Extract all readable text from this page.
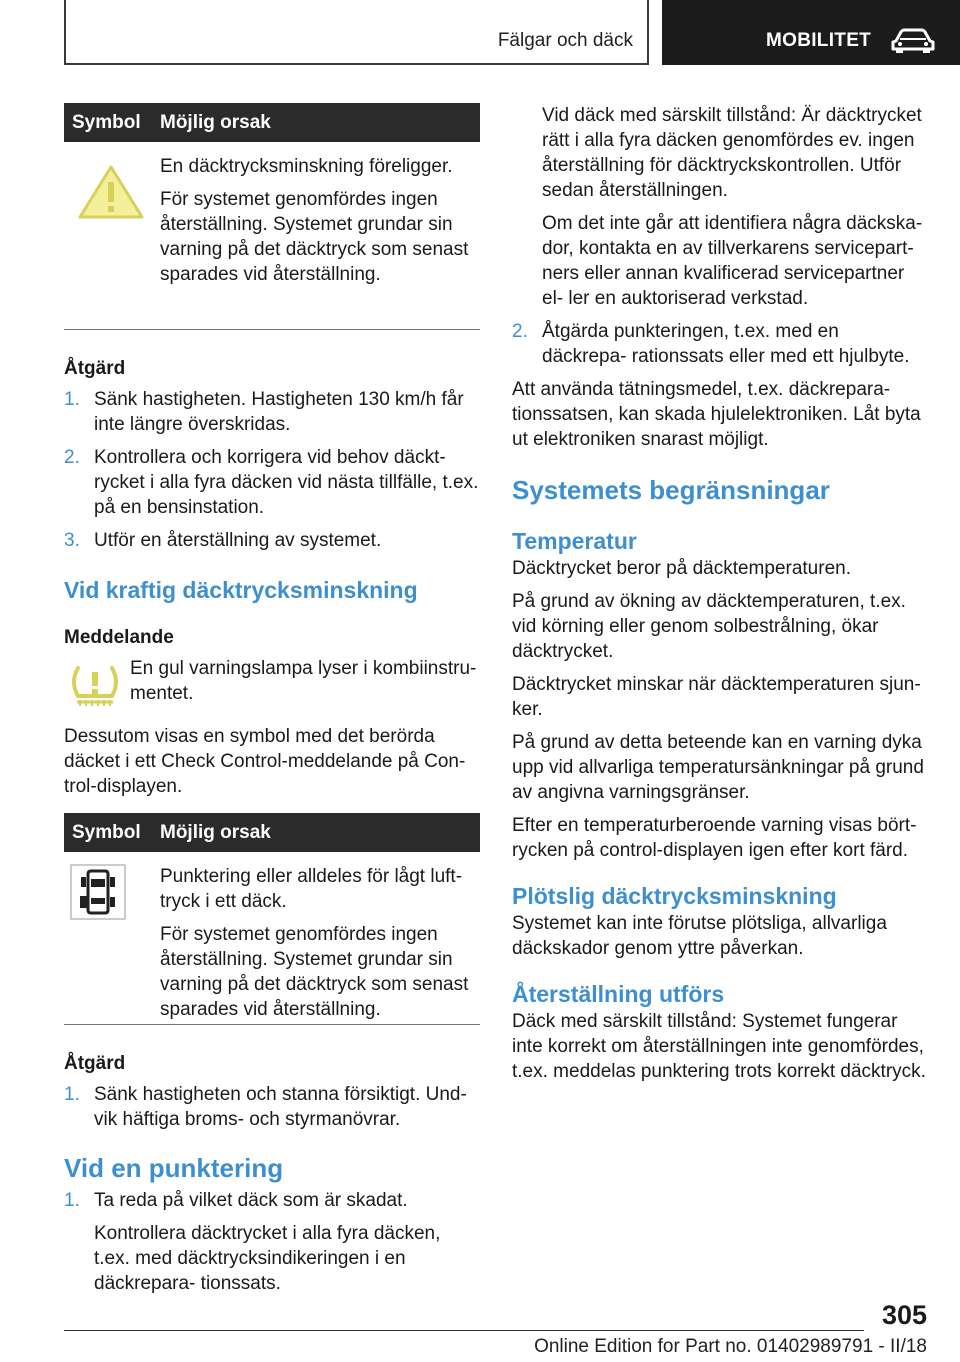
Fälgar och däck	MOBILITET
Symbol Möjlig orsak

En däcktrycksminskning föreligger.

För systemet genomfördes ingen återställning. Systemet grundar sin varning på det däcktryck som senast sparades vid återställning.

Åtgärd

1. Sänk hastigheten. Hastigheten 130 km/h får inte längre överskridas.
2. Kontrollera och korrigera vid behov däckt‐ rycket i alla fyra däcken vid nästa tillfälle, t.ex. på en bensinstation.
3. Utför en återställning av systemet.

Vid kraftig däcktrycksminskning

Meddelande

En gul varningslampa lyser i kombiinstru‐ mentet.

Dessutom visas en symbol med det berörda däcket i ett Check Control-meddelande på Con‐ trol-displayen.

Symbol Möjlig orsak

Punktering eller alldeles för lågt luft‐ tryck i ett däck.

För systemet genomfördes ingen återställning. Systemet grundar sin varning på det däcktryck som senast sparades vid återställning.

Åtgärd

1. Sänk hastigheten och stanna försiktigt. Und‐ vik häftiga broms- och styrmanövrar.

Vid en punktering

1. Ta reda på vilket däck som är skadat.
Kontrollera däcktrycket i alla fyra däcken, t.ex. med däcktrycksindikeringen i en däckrepara‐ tionssats.
Vid däck med särskilt tillstånd: Är däcktrycket rätt i alla fyra däcken genomfördes ev. ingen återställning för däcktryckskontrollen. Utför sedan återställningen.
Om det inte går att identifiera några däckska‐ dor, kontakta en av tillverkarens servicepart‐ ners eller annan kvalificerad servicepartner el‐ ler en auktoriserad verkstad.
2. Åtgärda punkteringen, t.ex. med en däckrepa‐ rationssats eller med ett hjulbyte.

Att använda tätningsmedel, t.ex. däckrepara‐ tionssatsen, kan skada hjulelektroniken. Låt byta ut elektroniken snarast möjligt.

Systemets begränsningar

Temperatur

Däcktrycket beror på däcktemperaturen.

På grund av ökning av däcktemperaturen, t.ex. vid körning eller genom solbestrålning, ökar däcktrycket.

Däcktrycket minskar när däcktemperaturen sjun‐ ker.

På grund av detta beteende kan en varning dyka upp vid allvarliga temperatursänkningar på grund av angivna varningsgränser.

Efter en temperaturberoende varning visas bört‐ rycken på control-displayen igen efter kort färd.

Plötslig däcktrycksminskning

Systemet kan inte förutse plötsliga, allvarliga däckskador genom yttre påverkan.

Återställning utförs

Däck med särskilt tillstånd: Systemet fungerar inte korrekt om återställningen inte genomfördes, t.ex. meddelas punktering trots korrekt däcktryck.

305
Online Edition for Part no. 01402989791 - II/18
